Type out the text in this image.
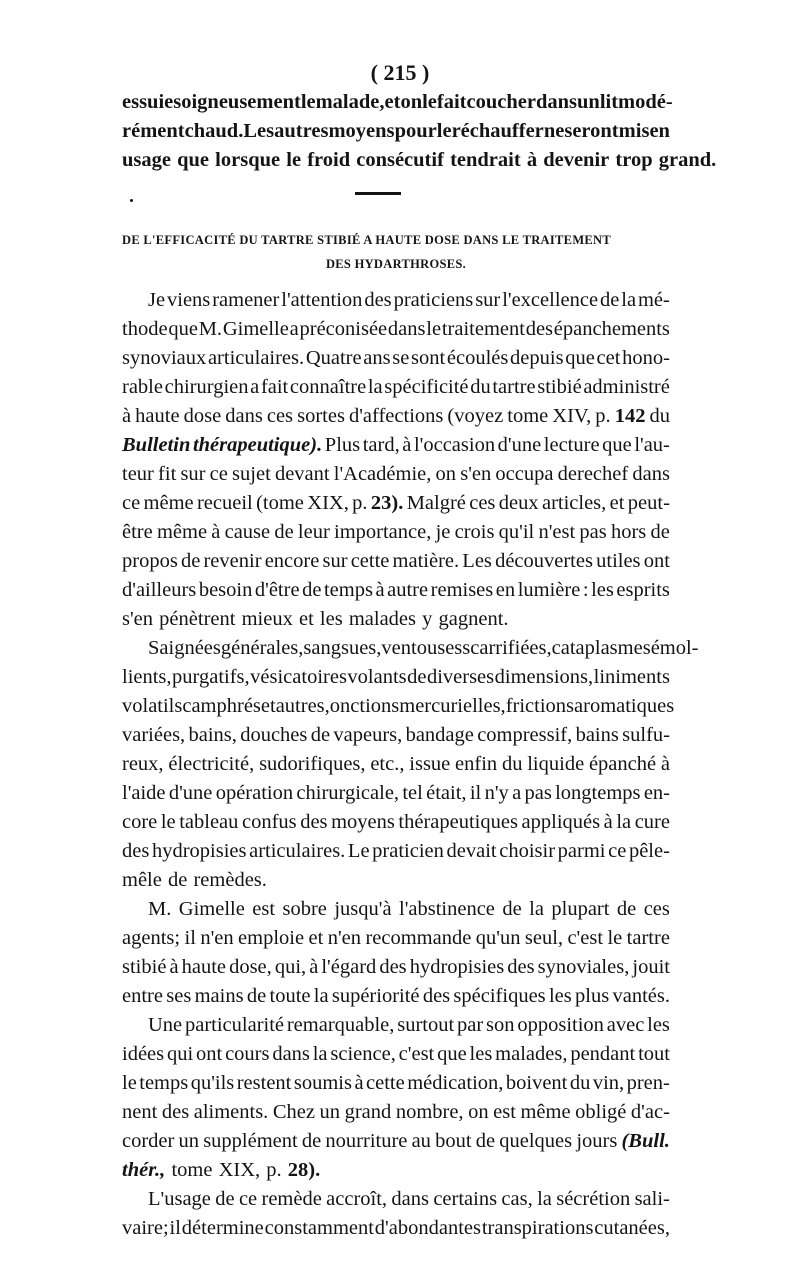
( 215 )
essuie soigneusement le malade, et on le fait coucher dans un lit modé-
rément chaud. Les autres moyens pour le réchauffer ne seront mis en
usage que lorsque le froid consécutif tendrait à devenir trop grand.
DE L'EFFICACITÉ DU TARTRE STIBIÉ A HAUTE DOSE DANS LE TRAITEMENT
DES HYDARTHROSES.
Je viens ramener l'attention des praticiens sur l'excellence de la mé-
thode que M. Gimelle a préconisée dans le traitement des épanchements
synoviaux articulaires. Quatre ans se sont écoulés depuis que cet hono-
rable chirurgien a fait connaître la spécificité du tartre stibié administré
à haute dose dans ces sortes d'affections (voyez tome XIV, p. 142 du
Bulletin thérapeutique). Plus tard, à l'occasion d'une lecture que l'au-
teur fit sur ce sujet devant l'Académie, on s'en occupa derechef dans
ce même recueil (tome XIX, p. 23). Malgré ces deux articles, et peut-
être même à cause de leur importance, je crois qu'il n'est pas hors de
propos de revenir encore sur cette matière. Les découvertes utiles ont
d'ailleurs besoin d'être de temps à autre remises en lumière : les esprits
s'en pénètrent mieux et les malades y gagnent.
Saignées générales, sangsues, ventouses scarrifiées, cataplasmes émol-
lients, purgatifs, vésicatoires volants de diverses dimensions, liniments
volatils camphrés et autres, onctions mercurielles, frictions aromatiques
variées, bains, douches de vapeurs, bandage compressif, bains sulfu-
reux, électricité, sudorifiques, etc., issue enfin du liquide épanché à
l'aide d'une opération chirurgicale, tel était, il n'y a pas longtemps en-
core le tableau confus des moyens thérapeutiques appliqués à la cure
des hydropisies articulaires. Le praticien devait choisir parmi ce pêle-
mêle de remèdes.
M. Gimelle est sobre jusqu'à l'abstinence de la plupart de ces
agents; il n'en emploie et n'en recommande qu'un seul, c'est le tartre
stibié à haute dose, qui, à l'égard des hydropisies des synoviales, jouit
entre ses mains de toute la supériorité des spécifiques les plus vantés.
Une particularité remarquable, surtout par son opposition avec les
idées qui ont cours dans la science, c'est que les malades, pendant tout
le temps qu'ils restent soumis à cette médication, boivent du vin, pren-
nent des aliments. Chez un grand nombre, on est même obligé d'ac-
corder un supplément de nourriture au bout de quelques jours (Bull.
thér., tome XIX, p. 28).
L'usage de ce remède accroît, dans certains cas, la sécrétion sali-
vaire; il détermine constamment d'abondantes transpirations cutanées,
